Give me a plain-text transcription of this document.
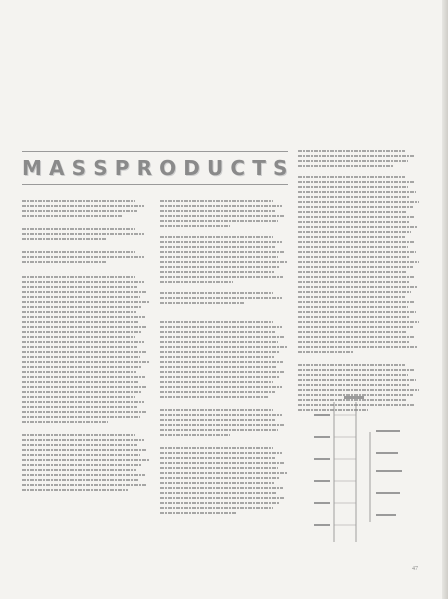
M A S S P R O D U C T S
47
